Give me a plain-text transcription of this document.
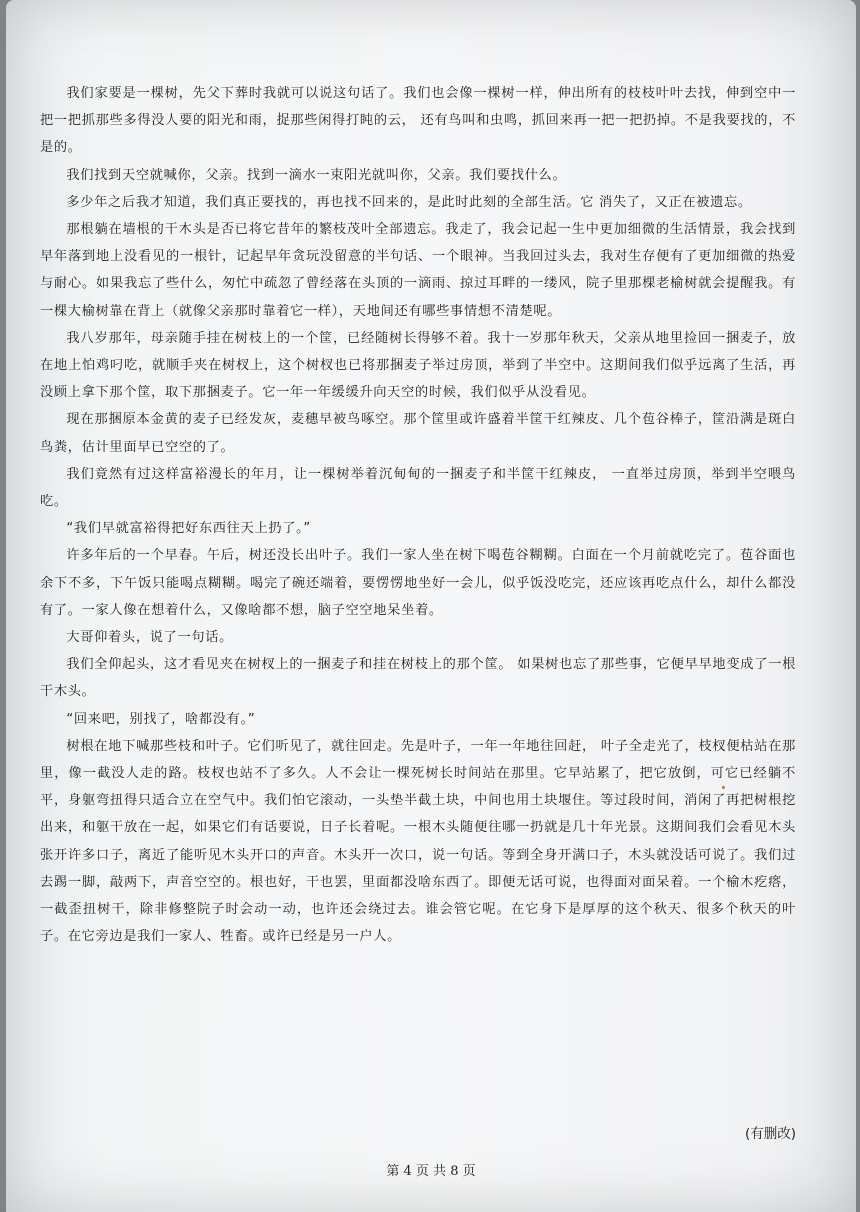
我们家要是一棵树，先父下葬时我就可以说这句话了。我们也会像一棵树一样，伸出所有的枝枝叶叶去找，伸到空中一把一把抓那些多得没人要的阳光和雨，捉那些闲得打盹的云， 还有鸟叫和虫鸣，抓回来再一把一把扔掉。不是我要找的，不是的。

我们找到天空就喊你，父亲。找到一滴水一束阳光就叫你，父亲。我们要找什么。

多少年之后我才知道，我们真正要找的，再也找不回来的，是此时此刻的全部生活。它 消失了，又正在被遗忘。

那根躺在墙根的干木头是否已将它昔年的繁枝茂叶全部遗忘。我走了，我会记起一生中更加细微的生活情景，我会找到早年落到地上没看见的一根针，记起早年贪玩没留意的半句话、一个眼神。当我回过头去，我对生存便有了更加细微的热爱与耐心。如果我忘了些什么，匆忙中疏忽了曾经落在头顶的一滴雨、掠过耳畔的一缕风，院子里那棵老榆树就会提醒我。有一棵大榆树靠在背上（就像父亲那时靠着它一样），天地间还有哪些事情想不清楚呢。

我八岁那年，母亲随手挂在树枝上的一个筐，已经随树长得够不着。我十一岁那年秋天，父亲从地里捡回一捆麦子，放在地上怕鸡叼吃，就顺手夹在树杈上，这个树杈也已将那捆麦子举过房顶，举到了半空中。这期间我们似乎远离了生活，再没顾上拿下那个筐，取下那捆麦子。它一年一年缓缓升向天空的时候，我们似乎从没看见。

现在那捆原本金黄的麦子已经发灰，麦穗早被鸟啄空。那个筐里或许盛着半筐干红辣皮、几个苞谷棒子，筐沿满是斑白鸟粪，估计里面早已空空的了。

我们竟然有过这样富裕漫长的年月，让一棵树举着沉甸甸的一捆麦子和半筐干红辣皮， 一直举过房顶，举到半空喂鸟吃。

“我们早就富裕得把好东西往天上扔了。”

许多年后的一个早春。午后，树还没长出叶子。我们一家人坐在树下喝苞谷糊糊。白面在一个月前就吃完了。苞谷面也余下不多，下午饭只能喝点糊糊。喝完了碗还端着，要愣愣地坐好一会儿，似乎饭没吃完，还应该再吃点什么，却什么都没有了。一家人像在想着什么，又像啥都不想，脑子空空地呆坐着。

大哥仰着头，说了一句话。

我们全仰起头，这才看见夹在树杈上的一捆麦子和挂在树枝上的那个筐。 如果树也忘了那些事，它便早早地变成了一根干木头。

“回来吧，别找了，啥都没有。”

树根在地下喊那些枝和叶子。它们听见了，就往回走。先是叶子，一年一年地往回赶， 叶子全走光了，枝杈便枯站在那里，像一截没人走的路。枝杈也站不了多久。人不会让一棵死树长时间站在那里。它早站累了，把它放倒，可它已经躺不平，身躯弯扭得只适合立在空气中。我们怕它滚动，一头垫半截土块，中间也用土块堰住。等过段时间，消闲了再把树根挖出来，和躯干放在一起，如果它们有话要说，日子长着呢。一根木头随便往哪一扔就是几十年光景。这期间我们会看见木头张开许多口子，离近了能听见木头开口的声音。木头开一次口，说一句话。等到全身开满口子，木头就没话可说了。我们过去踢一脚，敲两下，声音空空的。根也好，干也罢，里面都没啥东西了。即便无话可说，也得面对面呆着。一个榆木疙瘩，一截歪扭树干，除非修整院子时会动一动，也许还会绕过去。谁会管它呢。在它身下是厚厚的这个秋天、很多个秋天的叶子。在它旁边是我们一家人、牲畜。或许已经是另一户人。

(有删改)
第 4 页 共 8 页
